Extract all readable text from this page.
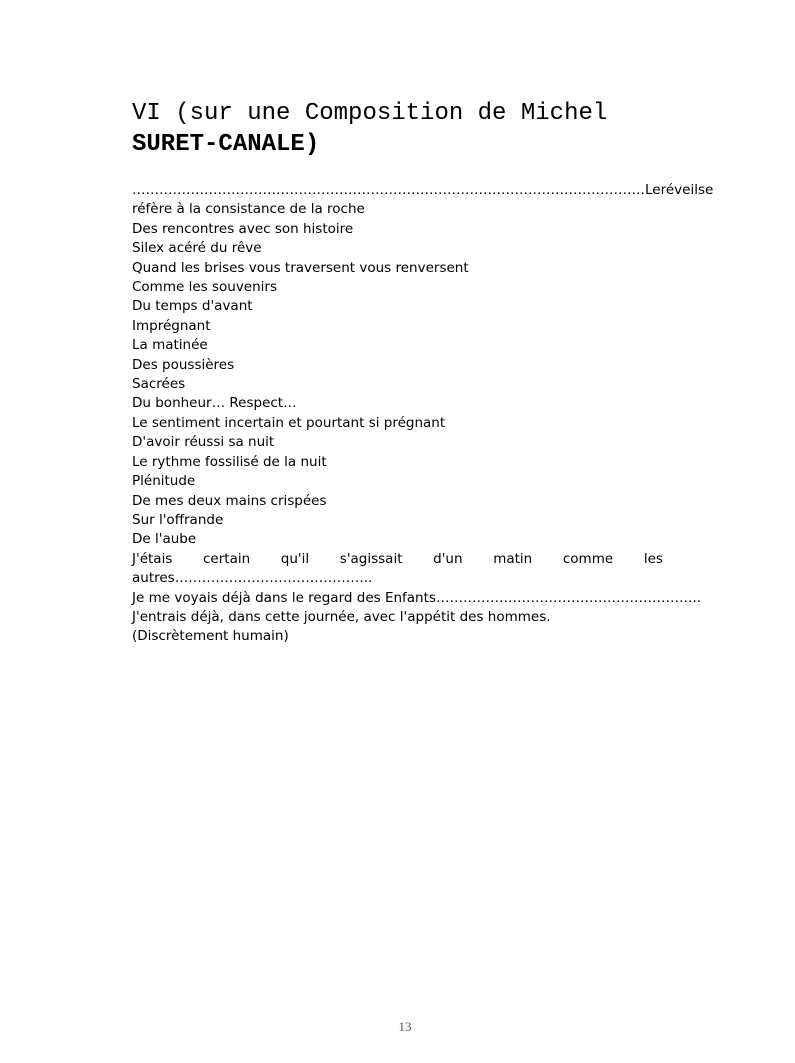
VI (sur une Composition de Michel
SURET-CANALE)
……………………………………………………………………………………………………Le réveil se
réfère à la consistance de la roche
Des rencontres avec son histoire
Silex acéré du rêve
Quand les brises vous traversent vous renversent
Comme les souvenirs
Du temps d'avant
Imprégnant
La matinée
Des poussières
Sacrées
Du bonheur… Respect…
Le sentiment incertain et pourtant si prégnant
D'avoir réussi sa nuit
Le rythme fossilisé de la nuit
Plénitude
De mes deux mains crispées
Sur l'offrande
De l'aube
J'étais certain qu'il s'agissait d'un matin comme les
autres……………………………………..
Je me voyais déjà dans le regard des Enfants…………………………………………………..
J'entrais déjà, dans cette journée, avec l'appétit des hommes.
(Discrètement humain)
13
